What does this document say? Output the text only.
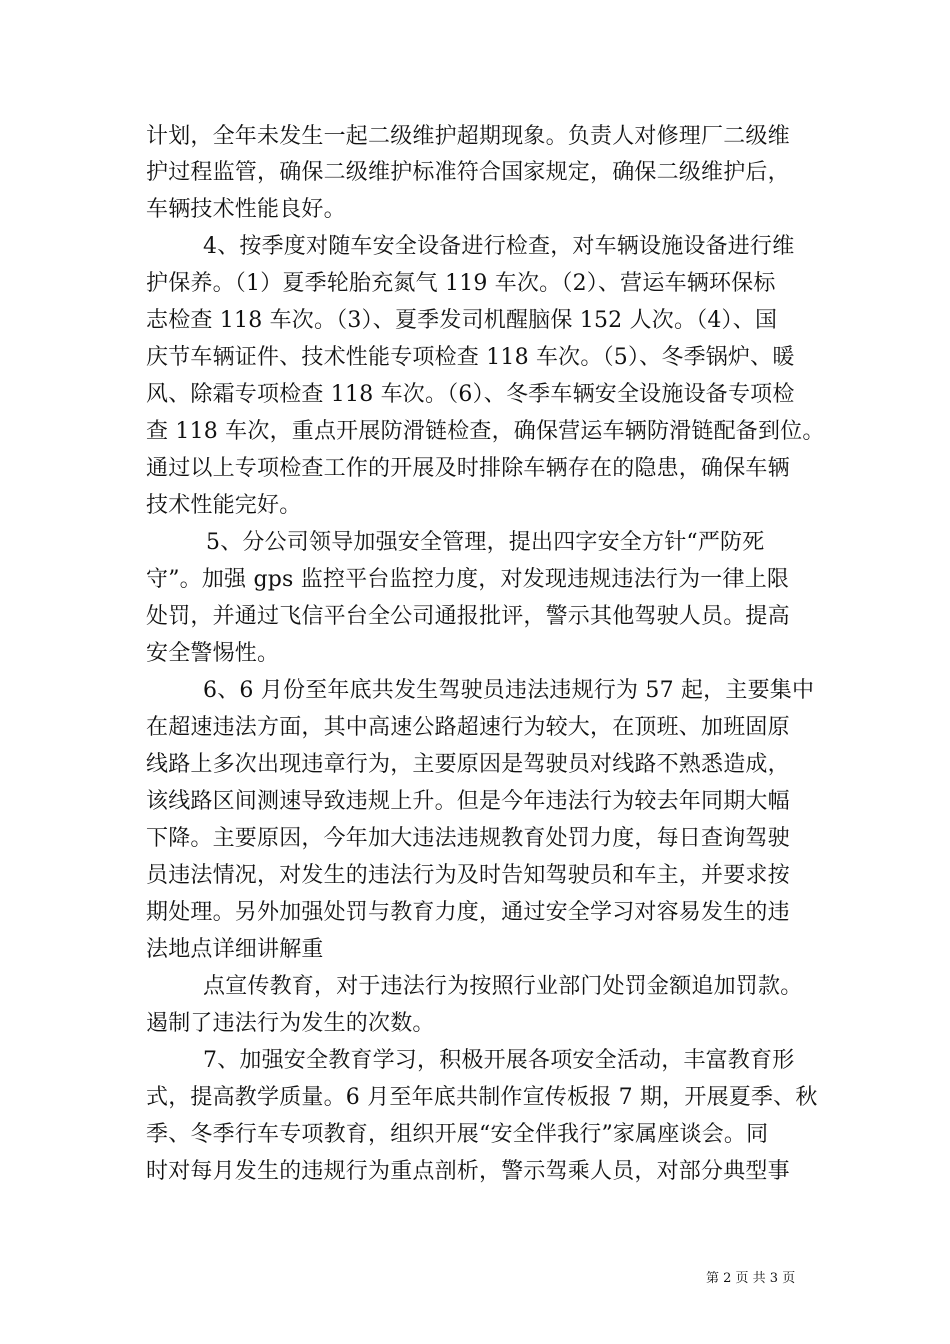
计划，全年未发生一起二级维护超期现象。负责人对修理厂二级维
护过程监管，确保二级维护标准符合国家规定，确保二级维护后，
车辆技术性能良好。
4、按季度对随车安全设备进行检查，对车辆设施设备进行维
护保养。（1）夏季轮胎充氮气 119 车次。（2）、营运车辆环保标
志检查 118 车次。（3）、夏季发司机醒脑保 152 人次。（4）、国
庆节车辆证件、技术性能专项检查 118 车次。（5）、冬季锅炉、暖
风、除霜专项检查 118 车次。（6）、冬季车辆安全设施设备专项检
查 118 车次，重点开展防滑链检查，确保营运车辆防滑链配备到位。
通过以上专项检查工作的开展及时排除车辆存在的隐患，确保车辆
技术性能完好。
5、分公司领导加强安全管理，提出四字安全方针“严防死
守”。加强 gps 监控平台监控力度，对发现违规违法行为一律上限
处罚，并通过飞信平台全公司通报批评，警示其他驾驶人员。提高
安全警惕性。
6、6 月份至年底共发生驾驶员违法违规行为 57 起，主要集中
在超速违法方面，其中高速公路超速行为较大，在顶班、加班固原
线路上多次出现违章行为，主要原因是驾驶员对线路不熟悉造成，
该线路区间测速导致违规上升。但是今年违法行为较去年同期大幅
下降。主要原因，今年加大违法违规教育处罚力度，每日查询驾驶
员违法情况，对发生的违法行为及时告知驾驶员和车主，并要求按
期处理。另外加强处罚与教育力度，通过安全学习对容易发生的违
法地点详细讲解重
点宣传教育，对于违法行为按照行业部门处罚金额追加罚款。
遏制了违法行为发生的次数。
7、加强安全教育学习，积极开展各项安全活动，丰富教育形
式，提高教学质量。6 月至年底共制作宣传板报 7 期，开展夏季、秋
季、冬季行车专项教育，组织开展“安全伴我行”家属座谈会。同
时对每月发生的违规行为重点剖析，警示驾乘人员，对部分典型事
第 2 页 共 3 页
